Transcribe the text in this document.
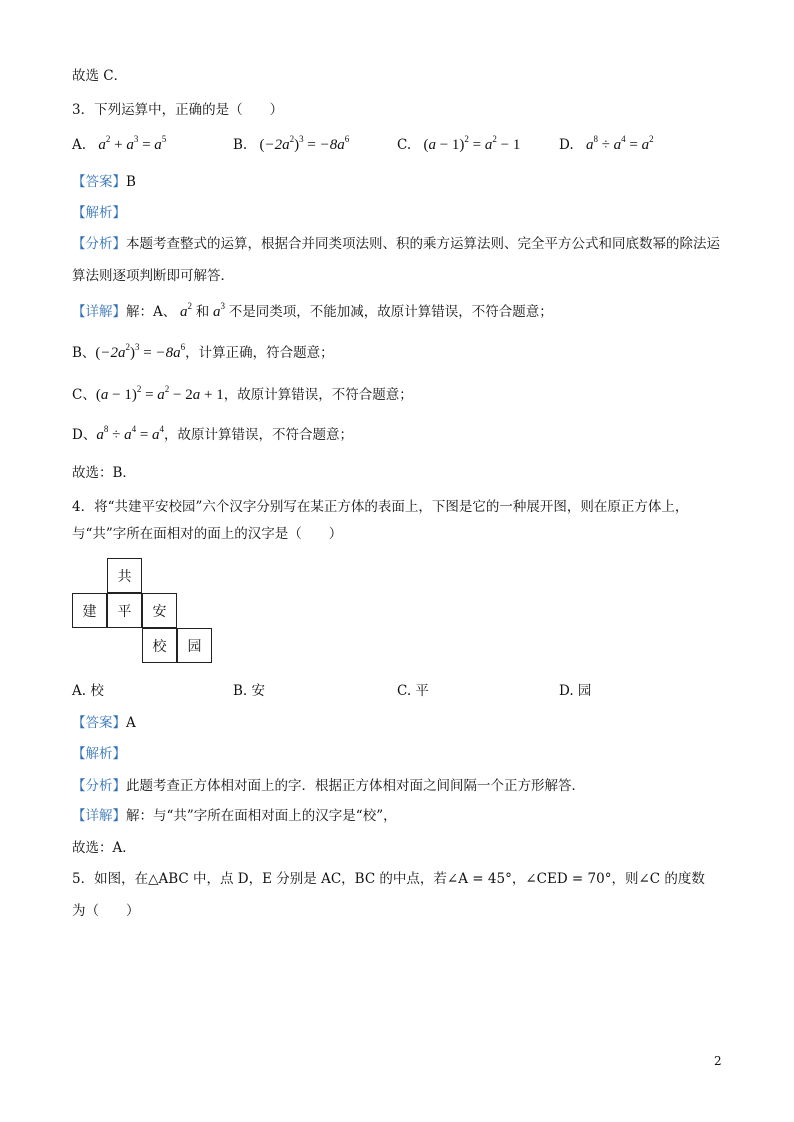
故选 C．
3．下列运算中，正确的是（　　）
A. $a^2 + a^3 = a^5$	B. $(-2a^2)^3 = -8a^6$	C. $(a - 1)^2 = a^2 - 1$	D. $a^8 \div a^4 = a^2$
【答案】B
【解析】
【分析】本题考查整式的运算，根据合并同类项法则、积的乘方运算法则、完全平方公式和同底数幂的除法运算法则逐项判断即可解答．
【详解】解：A、 $a^2$ 和 $a^3$ 不是同类项，不能加减，故原计算错误，不符合题意；
B、$(-2a^2)^3 = -8a^6$，计算正确，符合题意；
C、$(a - 1)^2 = a^2 - 2a + 1$，故原计算错误，不符合题意；
D、$a^8 \div a^4 = a^4$，故原计算错误，不符合题意；
故选：B．
4．将“共建平安校园”六个汉字分别写在某正方体的表面上，下图是它的一种展开图，则在原正方体上，
与“共”字所在面相对的面上的汉字是（　　）
共
建	平	安
校	园
A. 校	B. 安	C. 平	D. 园
【答案】A
【解析】
【分析】此题考查正方体相对面上的字．根据正方体相对面之间间隔一个正方形解答．
【详解】解：与“共”字所在面相对面上的汉字是“校”，
故选：A．
5．如图，在△ABC 中，点 D，E 分别是 AC，BC 的中点，若∠A = 45°，∠CED = 70°，则∠C 的度数
为（　　）
2
